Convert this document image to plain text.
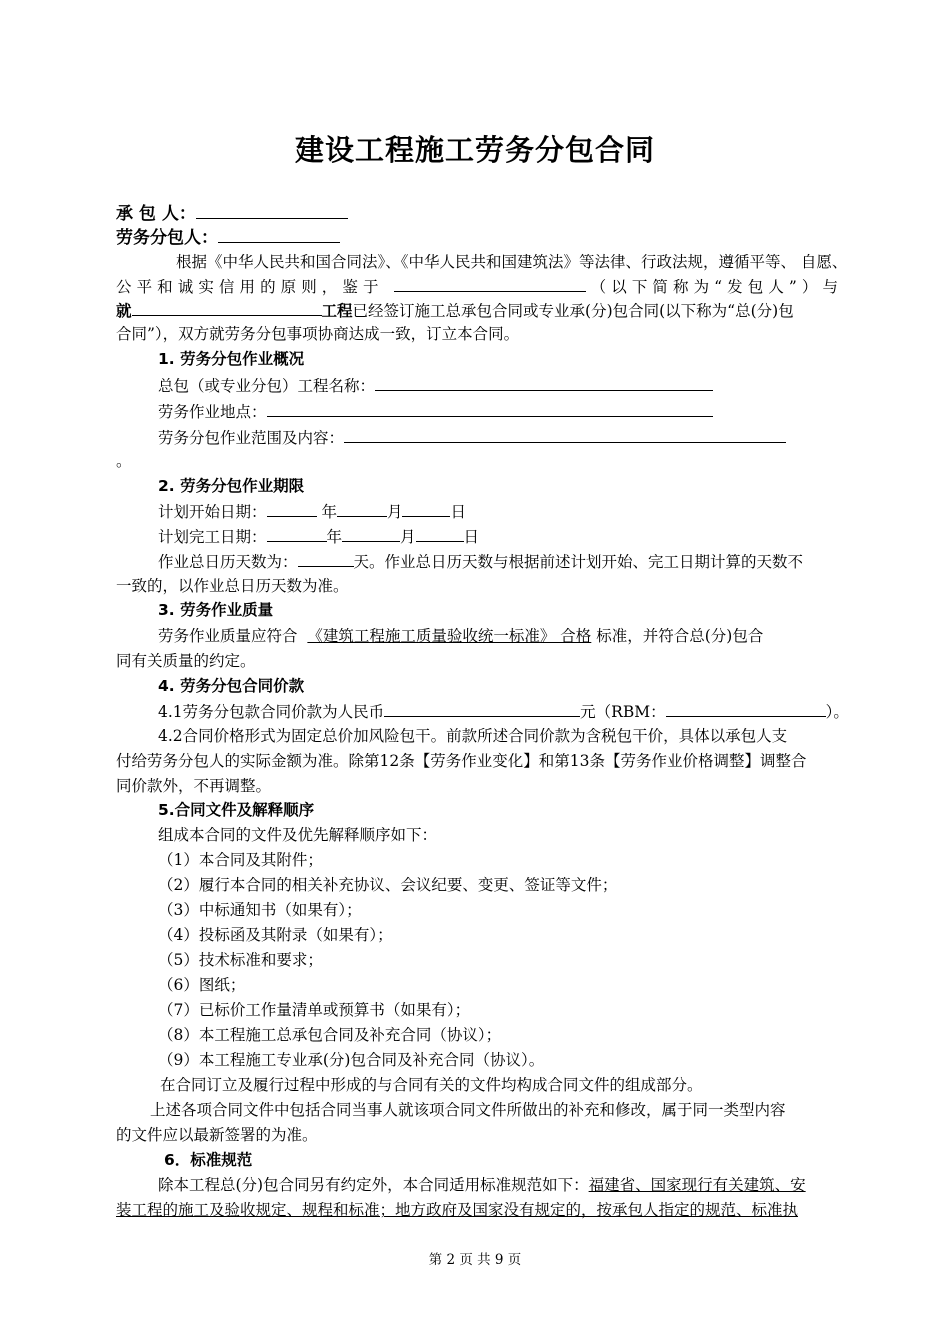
建设工程施工劳务分包合同
承 包 人：
劳务分包人：
根据《中华人民共和国合同法》、《中华人民共和国建筑法》等法律、行政法规，遵循平等、 自愿、
公平和诚实信用的原则，鉴于	（以下简称为“发包人”）与
就	工程已经签订施工总承包合同或专业承(分)包合同(以下称为“总(分)包
合同”），双方就劳务分包事项协商达成一致，订立本合同。
1. 劳务分包作业概况
总包（或专业分包）工程名称：
劳务作业地点：
劳务分包作业范围及内容：
。
2. 劳务分包作业期限
计划开始日期：	年	月	日
计划完工日期：	年	月	日
作业总日历天数为：	天。作业总日历天数与根据前述计划开始、完工日期计算的天数不
一致的，以作业总日历天数为准。
3. 劳务作业质量
劳务作业质量应符合 《建筑工程施工质量验收统一标准》 合格 标准，并符合总(分)包合
同有关质量的约定。
4. 劳务分包合同价款
4.1劳务分包款合同价款为人民币	元（RBM：	）。
4.2合同价格形式为固定总价加风险包干。前款所述合同价款为含税包干价，具体以承包人支
付给劳务分包人的实际金额为准。除第12条【劳务作业变化】和第13条【劳务作业价格调整】调整合
同价款外，不再调整。
5.合同文件及解释顺序
组成本合同的文件及优先解释顺序如下：
（1）本合同及其附件；
（2）履行本合同的相关补充协议、会议纪要、变更、签证等文件；
（3）中标通知书（如果有）；
（4）投标函及其附录（如果有）；
（5）技术标准和要求；
（6）图纸；
（7）已标价工作量清单或预算书（如果有）；
（8）本工程施工总承包合同及补充合同（协议）；
（9）本工程施工专业承(分)包合同及补充合同（协议）。
在合同订立及履行过程中形成的与合同有关的文件均构成合同文件的组成部分。
上述各项合同文件中包括合同当事人就该项合同文件所做出的补充和修改，属于同一类型内容
的文件应以最新签署的为准。
6．标准规范
除本工程总(分)包合同另有约定外，本合同适用标准规范如下：福建省、国家现行有关建筑、安
装工程的施工及验收规定、规程和标准；地方政府及国家没有规定的，按承包人指定的规范、标准执
第 2 页 共 9 页
